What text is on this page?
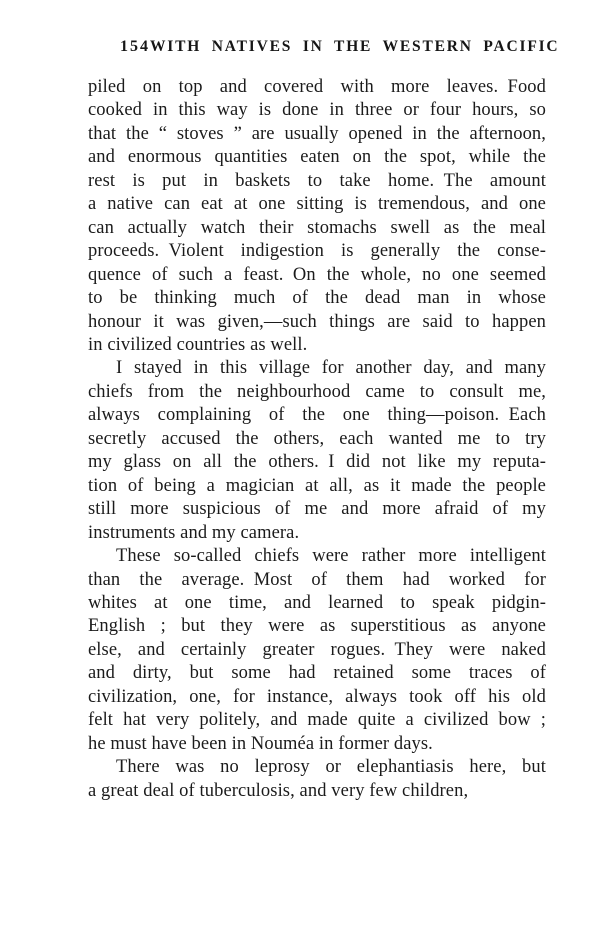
154 WITH NATIVES IN THE WESTERN PACIFIC
piled on top and covered with more leaves. Food
cooked in this way is done in three or four hours, so
that the “ stoves ” are usually opened in the afternoon,
and enormous quantities eaten on the spot, while the
rest is put in baskets to take home. The amount
a native can eat at one sitting is tremendous, and one
can actually watch their stomachs swell as the meal
proceeds. Violent indigestion is generally the conse-
quence of such a feast. On the whole, no one seemed
to be thinking much of the dead man in whose
honour it was given,—such things are said to happen
in civilized countries as well.
I stayed in this village for another day, and many
chiefs from the neighbourhood came to consult me,
always complaining of the one thing—poison. Each
secretly accused the others, each wanted me to try
my glass on all the others. I did not like my reputa-
tion of being a magician at all, as it made the people
still more suspicious of me and more afraid of my
instruments and my camera.
These so-called chiefs were rather more intelligent
than the average. Most of them had worked for
whites at one time, and learned to speak pidgin-
English ; but they were as superstitious as anyone
else, and certainly greater rogues. They were naked
and dirty, but some had retained some traces of
civilization, one, for instance, always took off his old
felt hat very politely, and made quite a civilized bow ;
he must have been in Nouméa in former days.
There was no leprosy or elephantiasis here, but
a great deal of tuberculosis, and very few children,
